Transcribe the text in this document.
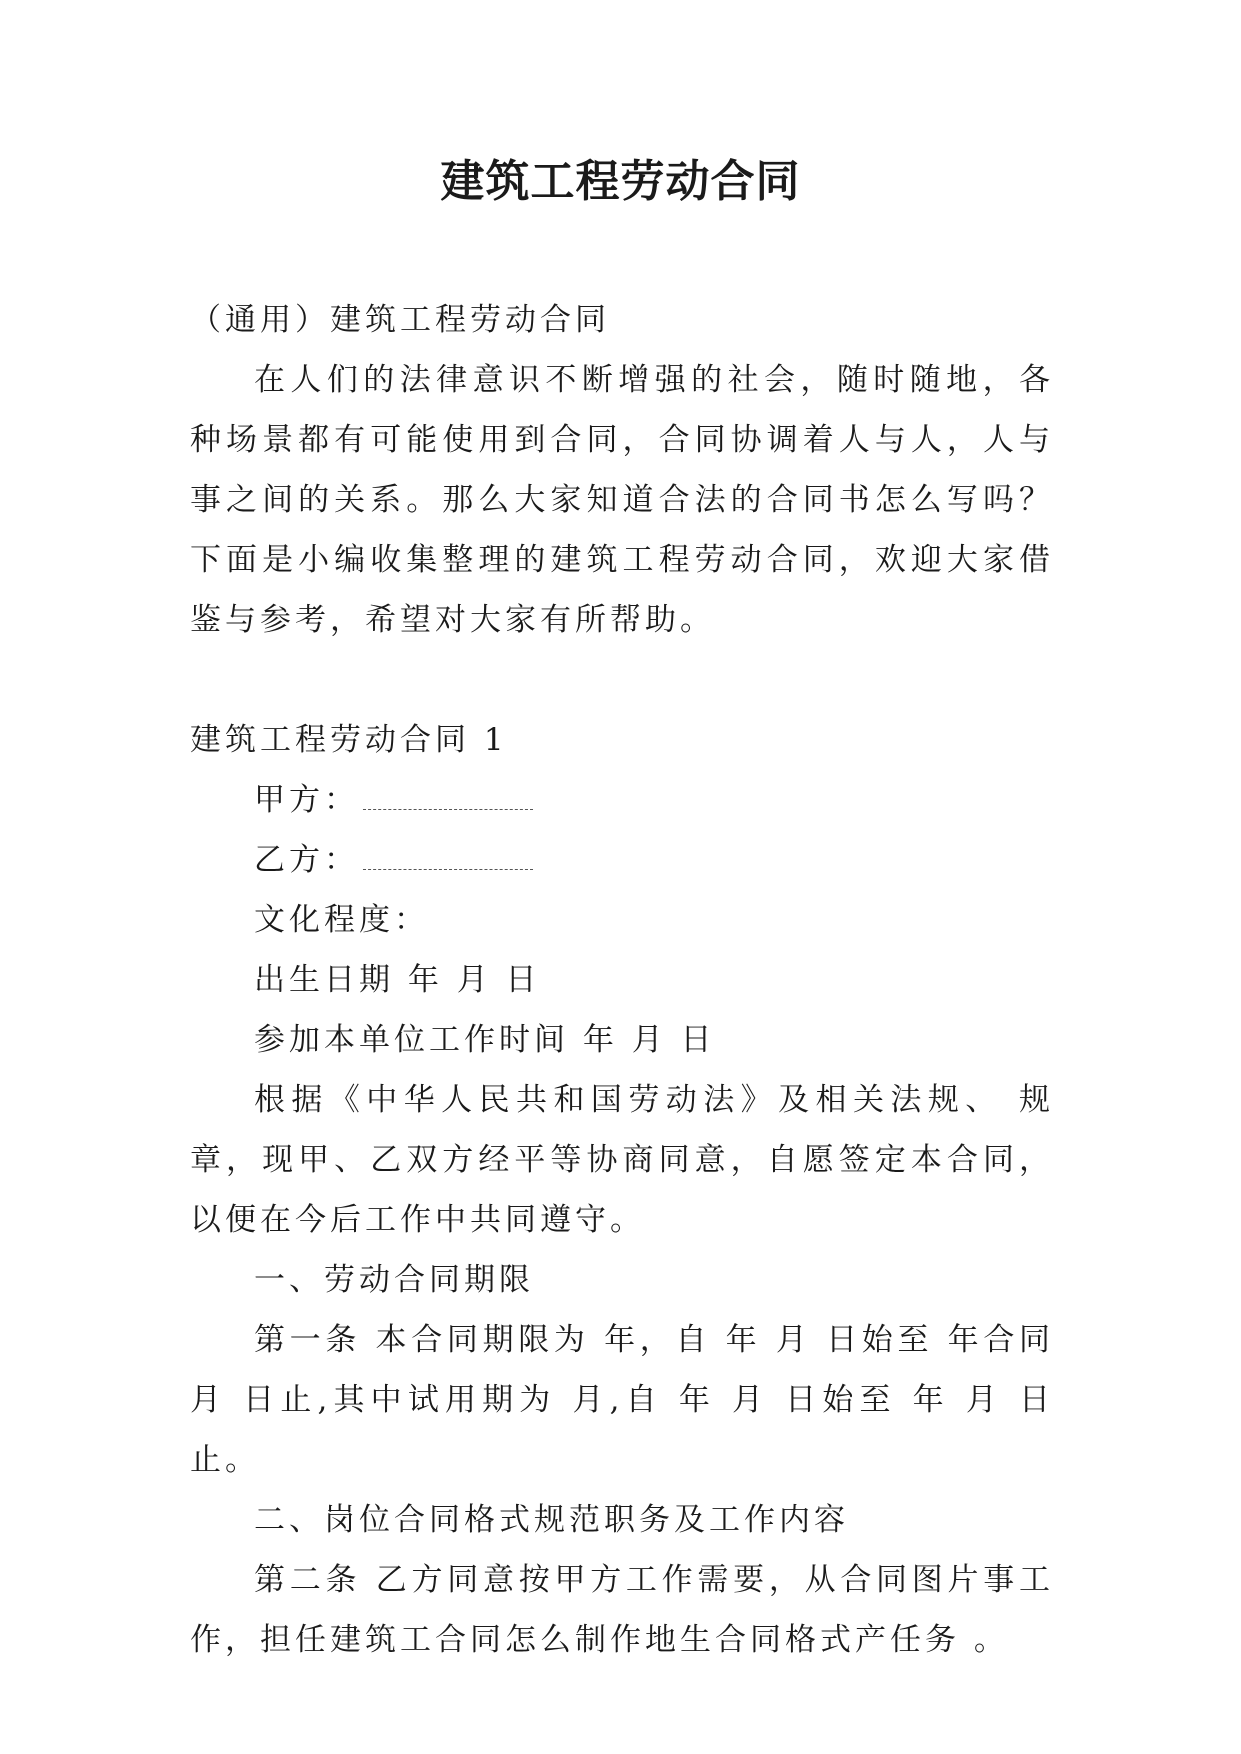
建筑工程劳动合同

（通用）建筑工程劳动合同

在人们的法律意识不断增强的社会，随时随地，各种场景都有可能使用到合同，合同协调着人与人，人与事之间的关系。那么大家知道合法的合同书怎么写吗？下面是小编收集整理的建筑工程劳动合同，欢迎大家借鉴与参考，希望对大家有所帮助。

建筑工程劳动合同 1

甲方：

乙方：

文化程度：

出生日期 年 月 日

参加本单位工作时间 年 月 日

根据《中华人民共和国劳动法》及相关法规、 规章，现甲、乙双方经平等协商同意，自愿签定本合同，以便在今后工作中共同遵守。

一、劳动合同期限

第一条 本合同期限为 年，自 年 月 日始至 年合同月 日止,其中试用期为 月,自 年 月 日始至 年 月 日 止。

二、岗位合同格式规范职务及工作内容

第二条 乙方同意按甲方工作需要，从合同图片事工作，担任建筑工合同怎么制作地生合同格式产任务 。
